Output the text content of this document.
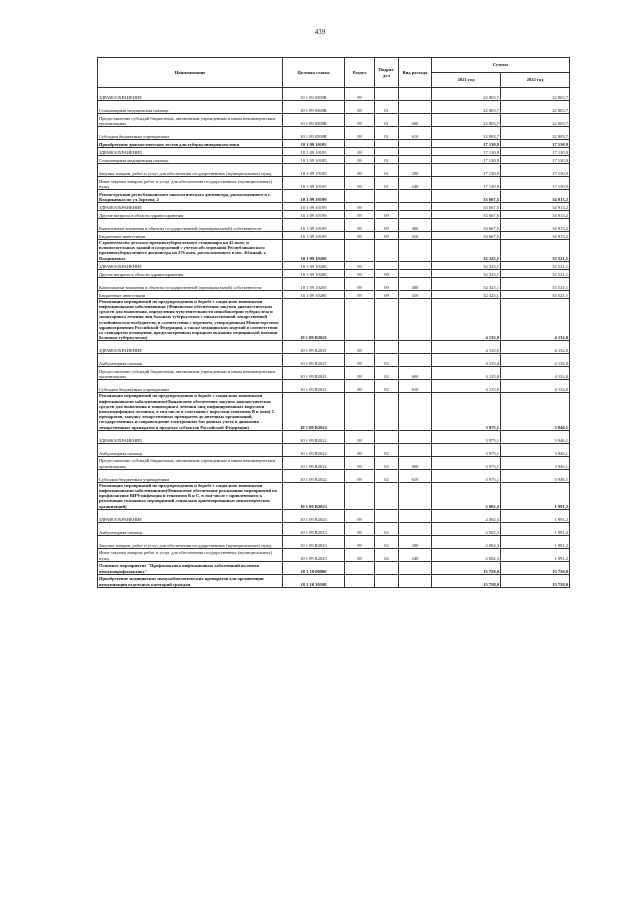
439
Наименование	Целевая статья	Раздел	Подраз-дел	Вид расхода	Суммы	
					2021 год	2022 год
ЗДРАВООХРАНЕНИЕ	10 1 09 0508R	09			22 803,7	22 803,7
Стационарная медицинская помощь	10 1 09 0508R	09	01		22 803,7	22 803,7
Предоставление субсидий бюджетным, автономным учреждениям и иным некоммерческим организациям	10 1 09 0508R	09	01	600	22 803,7	22 803,7
Субсидии бюджетным учреждениям	10 1 09 0508R	09	01	610	22 803,7	22 803,7
Приобретение диагностических тестов для туберкулинодиагностики	10 1 09 10105				17 130,9	17 130,9
ЗДРАВООХРАНЕНИЕ	10 1 09 10105	09			17 130,9	17 130,9
Стационарная медицинская помощь	10 1 09 10105	09	01		17 130,9	17 130,9
Закупка товаров, работ и услуг для обеспечения государственных (муниципальных) нужд	10 1 09 10105	09	01	200	17 130,9	17 130,9
Иные закупки товаров, работ и услуг для обеспечения государственных (муниципальных) нужд	10 1 09 10105	09	01	240	17 130,9	17 130,9
Реконструкция республиканского онкологического диспансера, расположенного в г. Владикавказ по ул.Зортова, 2	10 1 09 10199				33 667,5	34 913,2
ЗДРАВООХРАНЕНИЕ	10 1 09 10199	09			33 667,5	34 913,2
Другие вопросы в области здравоохранения	10 1 09 10199	09	09		33 667,5	34 913,2
Капитальные вложения в объекты государственной (муниципальной) собственности	10 1 09 10199	09	09	400	33 667,5	34 913,2
Бюджетные инвестиции	10 1 09 10199	09	09	410	33 667,5	34 913,2
Строительство детского противотуберкулезного стационара на 45 коек, и вспомогательных зданий и сооружений с учетом обследования Республиканского противотуберкулезного диспансера на 276 коек, расположенного в пос. Южный, г. Владикавказ	10 1 09 10200				32 325,1	33 521,1
ЗДРАВООХРАНЕНИЕ	10 1 09 10200	09			32 325,1	33 521,1
Другие вопросы в области здравоохранения	10 1 09 10200	09	09		32 325,1	33 521,1
Капитальные вложения в объекты государственной (муниципальной) собственности	10 1 09 10200	09	09	400	32 325,1	33 521,1
Бюджетные инвестиции	10 1 09 10200	09	09	410	32 325,1	33 521,1
Реализация мероприятий по предупреждению и борьбе с социально значимыми инфекционными заболеваниями (Финансовое обеспечение закупок диагностических средств для выявления, определения чувствительности микобактерии туберкулеза и мониторинга лечения лиц больных туберкулезом с множественной лекарственной устойчивостью возбудителя, в соответствии с перечнем, утвержденным Министерством здравоохранения Российской Федерации, а также медицинских изделий в соответствии со стандартом оснащения, предусмотренным порядком оказания медицинской помощи больным туберкулезом)	10 1 09 R2021				4 135,0	4 132,0
ЗДРАВООХРАНЕНИЕ	10 1 09 R2021	09			4 135,0	4 132,0
Амбулаторная помощь	10 1 09 R2021	09	02		4 135,0	4 132,0
Предоставление субсидий бюджетным, автономным учреждениям и иным некоммерческим организациям	10 1 09 R2021	09	02	600	4 135,0	4 132,0
Субсидии бюджетным учреждениям	10 1 09 R2021	09	02	610	4 135,0	4 132,0
Реализация мероприятий по предупреждению и борьбе с социально значимыми инфекционными заболеваниями(Финансовое обеспечение закупок диагностических средств для выявления и мониторинга лечения лиц, инфицированных вирусами иммунодефицита человека, в том числе в сочетании с вирусами гепатитов В и (или) С препаратов, закупку лекарственных препаратов до аптечных организаций, государственных и сопровождение электронных баз данных учета и движения лекарственных препаратов в пределах субъектов Российской Федерации)	10 1 09 R2022				3 975,1	3 946,1
ЗДРАВООХРАНЕНИЕ	10 1 09 R2022	09			3 975,1	3 946,1
Амбулаторная помощь	10 1 09 R2022	09	02		3 975,1	3 946,1
Предоставление субсидий бюджетным, автономным учреждениям и иным некоммерческим организациям	10 1 09 R2022	09	02	600	3 975,1	3 946,1
Субсидии бюджетным учреждениям	10 1 09 R2022	09	02	610	3 975,1	3 946,1
Реализация мероприятий по предупреждению и борьбе с социально значимыми инфекционными заболеваниями(Финансовое обеспечение реализации мероприятий по профилактике ВИЧ-инфекции и гепатитов В и С, в том числе с привлечением к реализации указанных мероприятий социально ориентированных некоммерческих организаций)	10 1 09 R2023				2 002,3	1 991,2
ЗДРАВООХРАНЕНИЕ	10 1 09 R2023	09			2 002,3	1 991,2
Амбулаторная помощь	10 1 09 R2023	09	02		2 002,3	1 991,2
Закупка товаров, работ и услуг для обеспечения государственных (муниципальных) нужд	10 1 09 R2023	09	02	200	2 002,3	1 991,2
Иные закупки товаров, работ и услуг для обеспечения государственных (муниципальных) нужд	10 1 09 R2023	09	02	240	2 002,3	1 991,2
Основное мероприятие "Профилактика инфекционных заболеваний включая иммунопрофилактику"	10 1 10 00000				15 758,0	15 758,0
Приобретение медицинских иммунобиологических препаратов для организации иммунизации отдельных категорий граждан	10 1 10 10108				15 758,0	15 758,0
